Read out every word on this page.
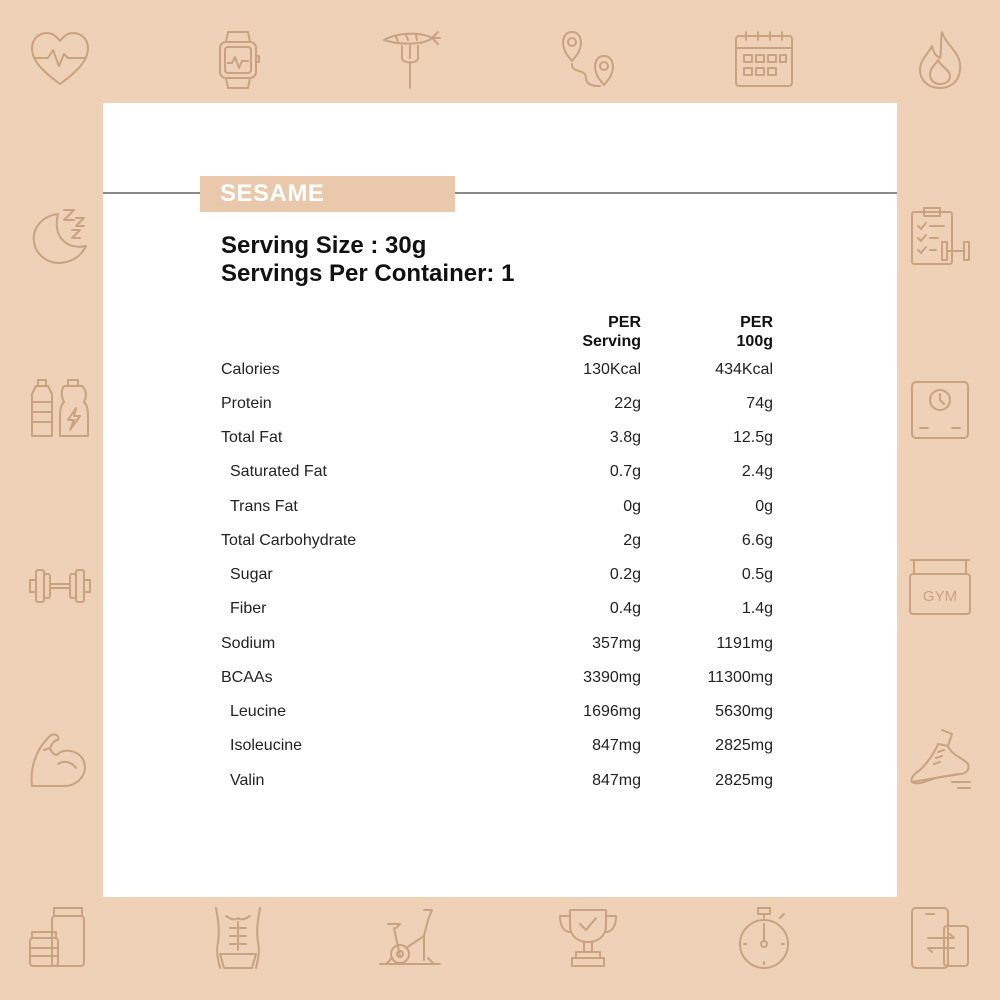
GYM
SESAME
Serving Size : 30g
Servings Per Container: 1
PER
Serving
PER
100g
Calories	130Kcal	434Kcal
Protein	22g	74g
Total Fat	3.8g	12.5g
Saturated Fat	0.7g	2.4g
Trans Fat	0g	0g
Total Carbohydrate	2g	6.6g
Sugar	0.2g	0.5g
Fiber	0.4g	1.4g
Sodium	357mg	1191mg
BCAAs	3390mg	11300mg
Leucine	1696mg	5630mg
Isoleucine	847mg	2825mg
Valin	847mg	2825mg
